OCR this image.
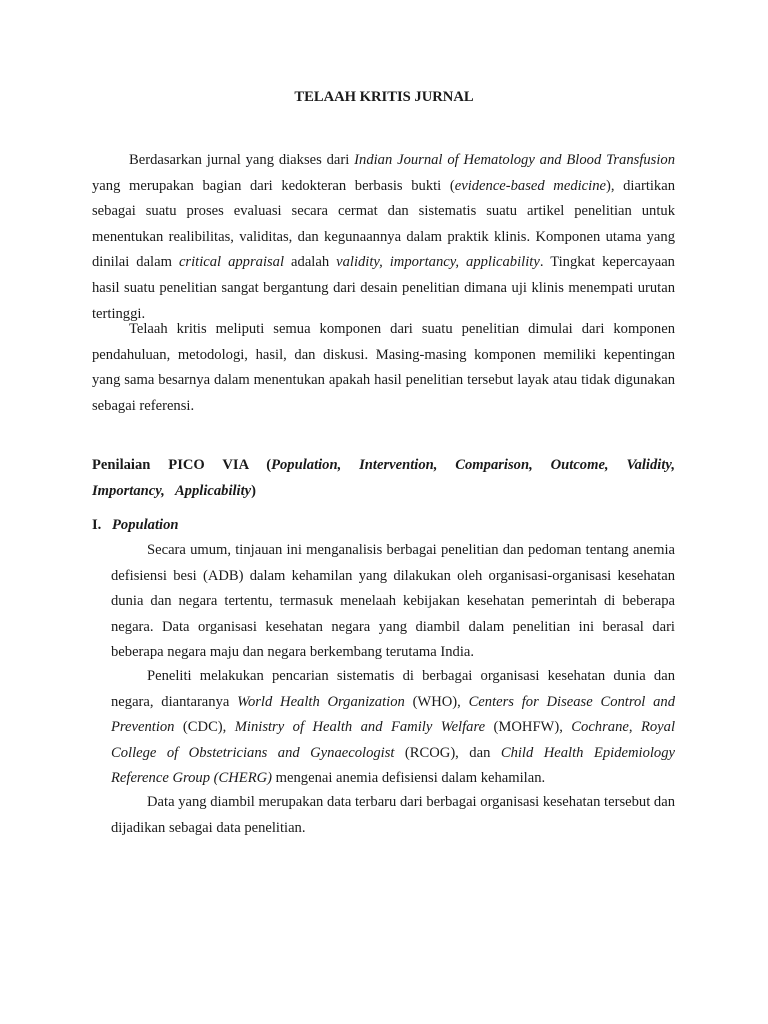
TELAAH KRITIS JURNAL

Berdasarkan jurnal yang diakses dari Indian Journal of Hematology and Blood Transfusion yang merupakan bagian dari kedokteran berbasis bukti (evidence-based medicine), diartikan sebagai suatu proses evaluasi secara cermat dan sistematis suatu artikel penelitian untuk menentukan realibilitas, validitas, dan kegunaannya dalam praktik klinis. Komponen utama yang dinilai dalam critical appraisal adalah validity, importancy, applicability. Tingkat kepercayaan hasil suatu penelitian sangat bergantung dari desain penelitian dimana uji klinis menempati urutan tertinggi.

Telaah kritis meliputi semua komponen dari suatu penelitian dimulai dari komponen pendahuluan, metodologi, hasil, dan diskusi. Masing-masing komponen memiliki kepentingan yang sama besarnya dalam menentukan apakah hasil penelitian tersebut layak atau tidak digunakan sebagai referensi.

Penilaian PICO VIA (Population, Intervention, Comparison, Outcome, Validity, Importancy, Applicability)

I. Population

Secara umum, tinjauan ini menganalisis berbagai penelitian dan pedoman tentang anemia defisiensi besi (ADB) dalam kehamilan yang dilakukan oleh organisasi-organisasi kesehatan dunia dan negara tertentu, termasuk menelaah kebijakan kesehatan pemerintah di beberapa negara. Data organisasi kesehatan negara yang diambil dalam penelitian ini berasal dari beberapa negara maju dan negara berkembang terutama India.

Peneliti melakukan pencarian sistematis di berbagai organisasi kesehatan dunia dan negara, diantaranya World Health Organization (WHO), Centers for Disease Control and Prevention (CDC), Ministry of Health and Family Welfare (MOHFW), Cochrane, Royal College of Obstetricians and Gynaecologist (RCOG), dan Child Health Epidemiology Reference Group (CHERG) mengenai anemia defisiensi dalam kehamilan.

Data yang diambil merupakan data terbaru dari berbagai organisasi kesehatan tersebut dan dijadikan sebagai data penelitian.
